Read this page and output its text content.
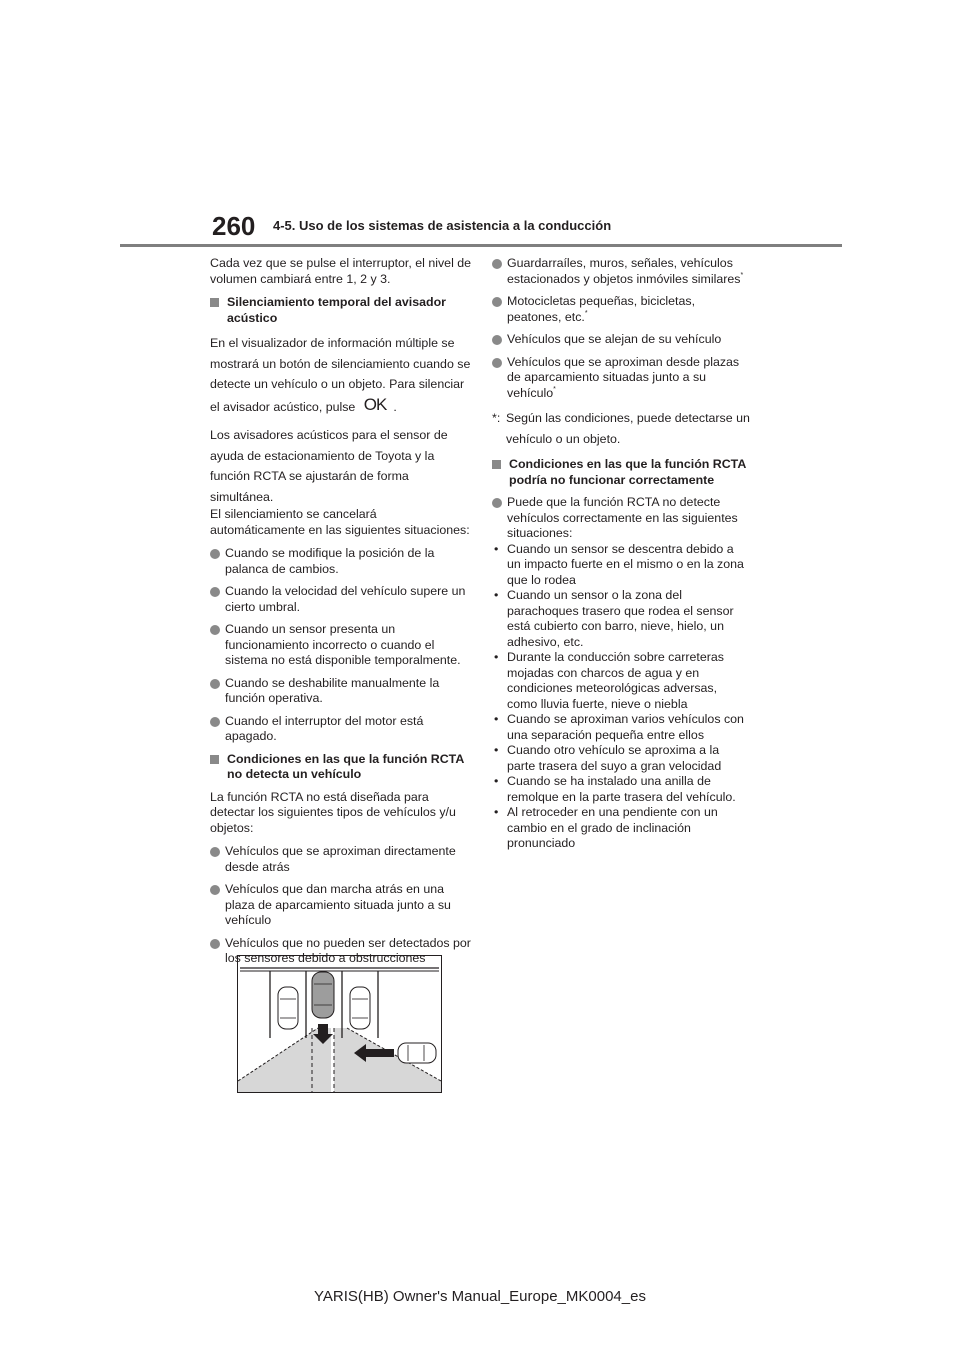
260 4-5. Uso de los sistemas de asistencia a la conducción

Cada vez que se pulse el interruptor, el nivel de volumen cambiará entre 1, 2 y 3.

Silenciamiento temporal del avisador acústico

En el visualizador de información múltiple se mostrará un botón de silenciamiento cuando se detecte un vehículo o un objeto. Para silenciar el avisador acústico, pulse OK .

Los avisadores acústicos para el sensor de ayuda de estacionamiento de Toyota y la función RCTA se ajustarán de forma simultánea.

El silenciamiento se cancelará automáticamente en las siguientes situaciones:

Cuando se modifique la posición de la palanca de cambios.
Cuando la velocidad del vehículo supere un cierto umbral.
Cuando un sensor presenta un funcionamiento incorrecto o cuando el sistema no está disponible temporalmente.
Cuando se deshabilite manualmente la función operativa.
Cuando el interruptor del motor está apagado.
Condiciones en las que la función RCTA no detecta un vehículo

La función RCTA no está diseñada para detectar los siguientes tipos de vehículos y/u objetos:

Vehículos que se aproximan directamente desde atrás
Vehículos que dan marcha atrás en una plaza de aparcamiento situada junto a su vehículo
Vehículos que no pueden ser detectados por los sensores debido a obstrucciones
Guardarraíles, muros, señales, vehículos estacionados y objetos inmóviles similares*
Motocicletas pequeñas, bicicletas, peatones, etc.*
Vehículos que se alejan de su vehículo
Vehículos que se aproximan desde plazas de aparcamiento situadas junto a su vehículo*
*: Según las condiciones, puede detectarse un vehículo o un objeto.
Condiciones en las que la función RCTA podría no funcionar correctamente
Puede que la función RCTA no detecte vehículos correctamente en las siguientes situaciones:
• Cuando un sensor se descentra debido a un impacto fuerte en el mismo o en la zona que lo rodea
• Cuando un sensor o la zona del parachoques trasero que rodea el sensor está cubierto con barro, nieve, hielo, un adhesivo, etc.
• Durante la conducción sobre carreteras mojadas con charcos de agua y en condiciones meteorológicas adversas, como lluvia fuerte, nieve o niebla
• Cuando se aproximan varios vehículos con una separación pequeña entre ellos
• Cuando otro vehículo se aproxima a la parte trasera del suyo a gran velocidad
• Cuando se ha instalado una anilla de remolque en la parte trasera del vehículo.
• Al retroceder en una pendiente con un cambio en el grado de inclinación pronunciado
YARIS(HB) Owner's Manual_Europe_MK0004_es
